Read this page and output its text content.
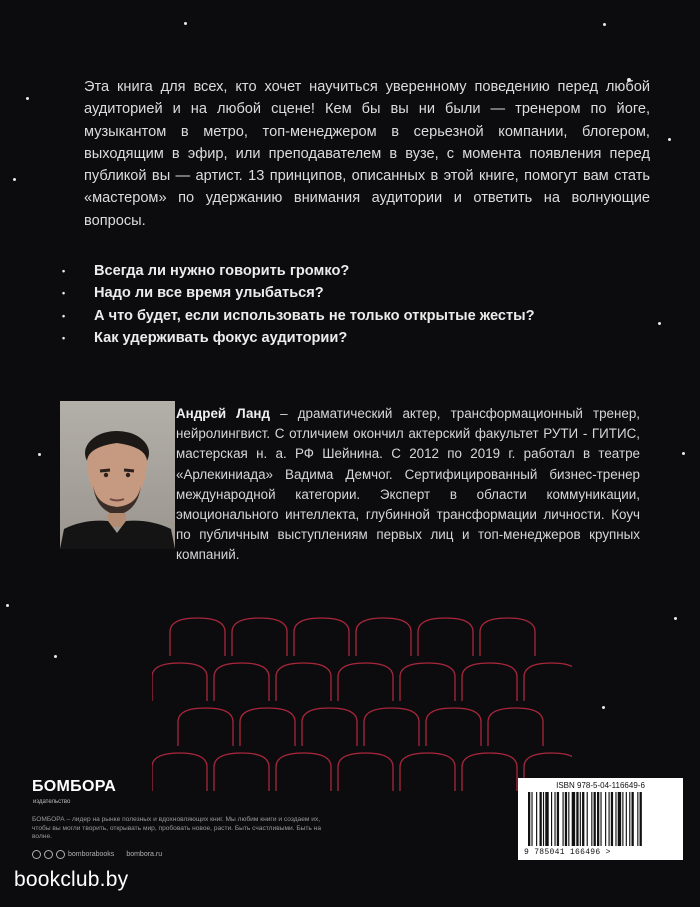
Эта книга для всех, кто хочет научиться уверенному поведению перед любой аудиторией и на любой сцене! Кем бы вы ни были — тренером по йоге, музыкантом в метро, топ-менеджером в серьезной компании, блогером, выходящим в эфир, или преподавателем в вузе, с момента появления перед публикой вы — артист. 13 принципов, описанных в этой книге, помогут вам стать «мастером» по удержанию внимания аудитории и ответить на волнующие вопросы.
• Всегда ли нужно говорить громко?
• Надо ли все время улыбаться?
• А что будет, если использовать не только открытые жесты?
• Как удерживать фокус аудитории?
Андрей Ланд – драматический актер, трансформационный тренер, нейролингвист. С отличием окончил актерский факультет РУТИ - ГИТИС, мастерская н. а. РФ Шейнина. С 2012 по 2019 г. работал в театре «Арлекиниада» Вадима Демчог. Сертифицированный бизнес-тренер международной категории. Эксперт в области коммуникации, эмоционального интеллекта, глубинной трансформации личности. Коуч по публичным выступлениям первых лиц и топ-менеджеров крупных компаний.
БОМБОРА
издательство
БОМБОРА – лидер на рынке полезных и вдохновляющих книг. Мы любим книги и создаем их, чтобы вы могли творить, открывать мир, пробовать новое, расти. Быть счастливыми. Быть на волне.
bomborabooks bombora.ru
ISBN 978-5-04-116649-6
9 785041 166496 >
bookclub.by
